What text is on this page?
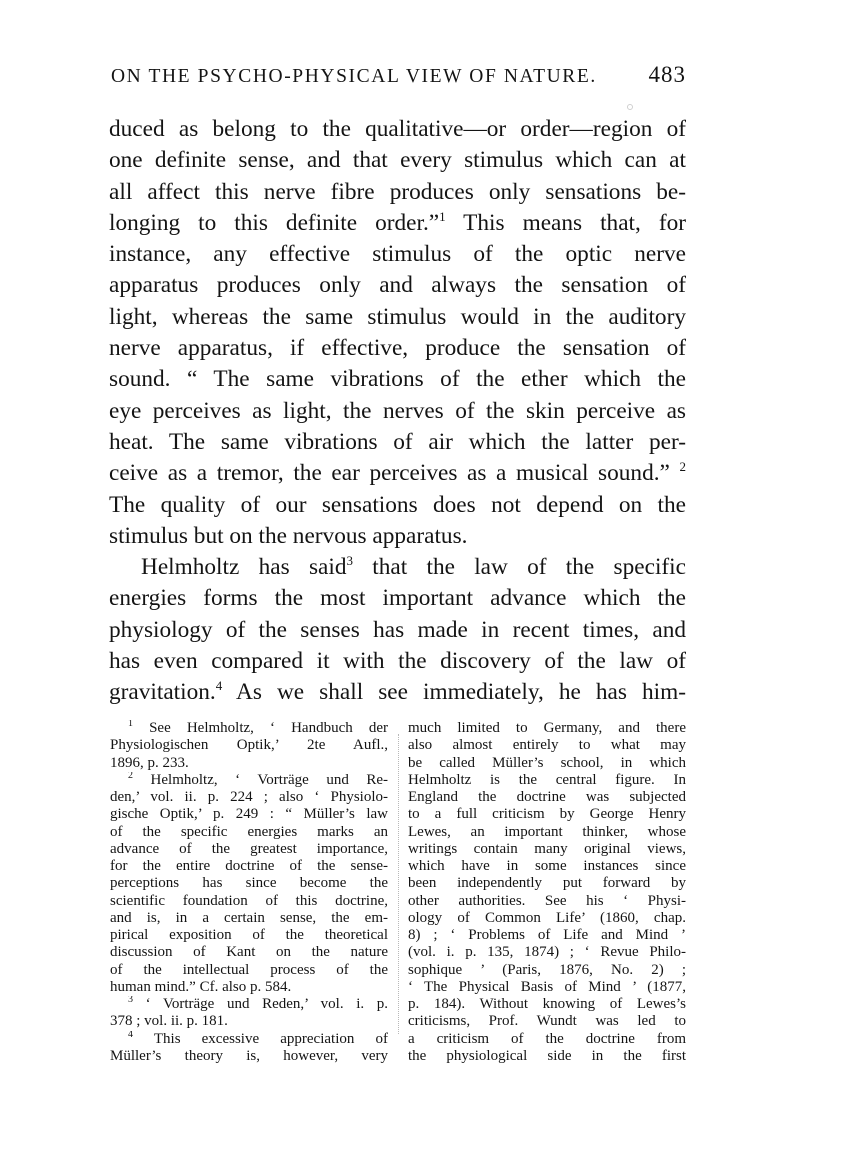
ON THE PSYCHO-PHYSICAL VIEW OF NATURE. 483
duced as belong to the qualitative—or order—region of
one definite sense, and that every stimulus which can at
all affect this nerve fibre produces only sensations be-
longing to this definite order.”$^1$ This means that, for
instance, any effective stimulus of the optic nerve
apparatus produces only and always the sensation of
light, whereas the same stimulus would in the auditory
nerve apparatus, if effective, produce the sensation of
sound. “ The same vibrations of the ether which the
eye perceives as light, the nerves of the skin perceive as
heat. The same vibrations of air which the latter per-
ceive as a tremor, the ear perceives as a musical sound.” $^2$
The quality of our sensations does not depend on the
stimulus but on the nervous apparatus.
Helmholtz has said$^3$ that the law of the specific
energies forms the most important advance which the
physiology of the senses has made in recent times, and
has even compared it with the discovery of the law of
gravitation.$^4$ As we shall see immediately, he has him-
$^1$ See Helmholtz, ‘ Handbuch der
Physiologischen Optik,’ 2te Aufl.,
1896, p. 233.
$^2$ Helmholtz, ‘ Vorträge und Re-
den,’ vol. ii. p. 224 ; also ‘ Physiolo-
gische Optik,’ p. 249 : “ Müller’s law
of the specific energies marks an
advance of the greatest importance,
for the entire doctrine of the sense-
perceptions has since become the
scientific foundation of this doctrine,
and is, in a certain sense, the em-
pirical exposition of the theoretical
discussion of Kant on the nature
of the intellectual process of the
human mind.” Cf. also p. 584.
$^3$ ‘ Vorträge und Reden,’ vol. i. p.
378 ; vol. ii. p. 181.
$^4$ This excessive appreciation of
Müller’s theory is, however, very
much limited to Germany, and there
also almost entirely to what may
be called Müller’s school, in which
Helmholtz is the central figure. In
England the doctrine was subjected
to a full criticism by George Henry
Lewes, an important thinker, whose
writings contain many original views,
which have in some instances since
been independently put forward by
other authorities. See his ‘ Physi-
ology of Common Life’ (1860, chap.
8) ; ‘ Problems of Life and Mind ’
(vol. i. p. 135, 1874) ; ‘ Revue Philo-
sophique ’ (Paris, 1876, No. 2) ;
‘ The Physical Basis of Mind ’ (1877,
p. 184). Without knowing of Lewes’s
criticisms, Prof. Wundt was led to
a criticism of the doctrine from
the physiological side in the first
